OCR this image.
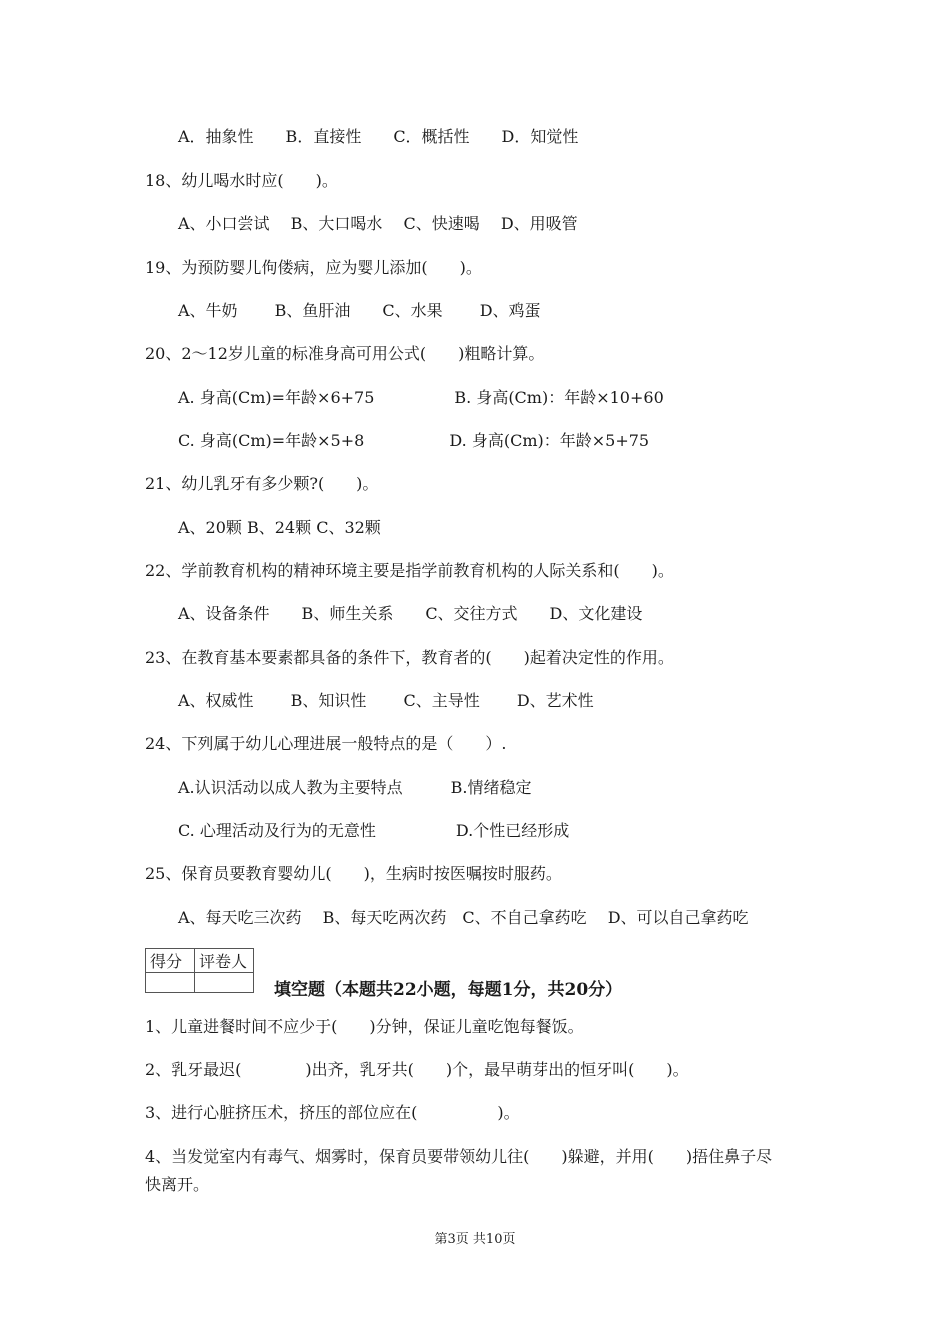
A．抽象性　　B．直接性　　C．概括性　　D．知觉性
18、幼儿喝水时应(　　)。
A、小口尝试　 B、大口喝水　 C、快速喝　 D、用吸管
19、为预防婴儿佝偻病，应为婴儿添加(　　)。
A、牛奶　　 B、鱼肝油　　C、水果　　 D、鸡蛋
20、2～12岁儿童的标准身高可用公式(　　)粗略计算。
A. 身高(Cm)=年龄×6+75　　　　　B. 身高(Cm)：年龄×10+60
C. 身高(Cm)=年龄×5+8　　　　　 D. 身高(Cm)：年龄×5+75
21、幼儿乳牙有多少颗?(　　)。
A、20颗 B、24颗 C、32颗
22、学前教育机构的精神环境主要是指学前教育机构的人际关系和(　　)。
A、设备条件　　B、师生关系　　C、交往方式　　D、文化建设
23、在教育基本要素都具备的条件下，教育者的(　　)起着决定性的作用。
A、权威性　　 B、知识性　　 C、主导性　　 D、艺术性
24、下列属于幼儿心理进展一般特点的是（　　）.
A.认识活动以成人教为主要特点　　　B.情绪稳定
C. 心理活动及行为的无意性　　　　　D.个性已经形成
25、保育员要教育婴幼儿(　　)，生病时按医嘱按时服药。
A、每天吃三次药　 B、每天吃两次药　C、不自己拿药吃　 D、可以自己拿药吃
1、儿童进餐时间不应少于(　　)分钟，保证儿童吃饱每餐饭。
2、乳牙最迟(　　　　)出齐，乳牙共(　　)个，最早萌芽出的恒牙叫(　　)。
3、进行心脏挤压术，挤压的部位应在(　　　　　)。
4、当发觉室内有毒气、烟雾时，保育员要带领幼儿往(　　)躲避，并用(　　)捂住鼻子尽
快离开。
得分	评卷人

填空题（本题共22小题，每题1分，共20分）
第3页 共10页
